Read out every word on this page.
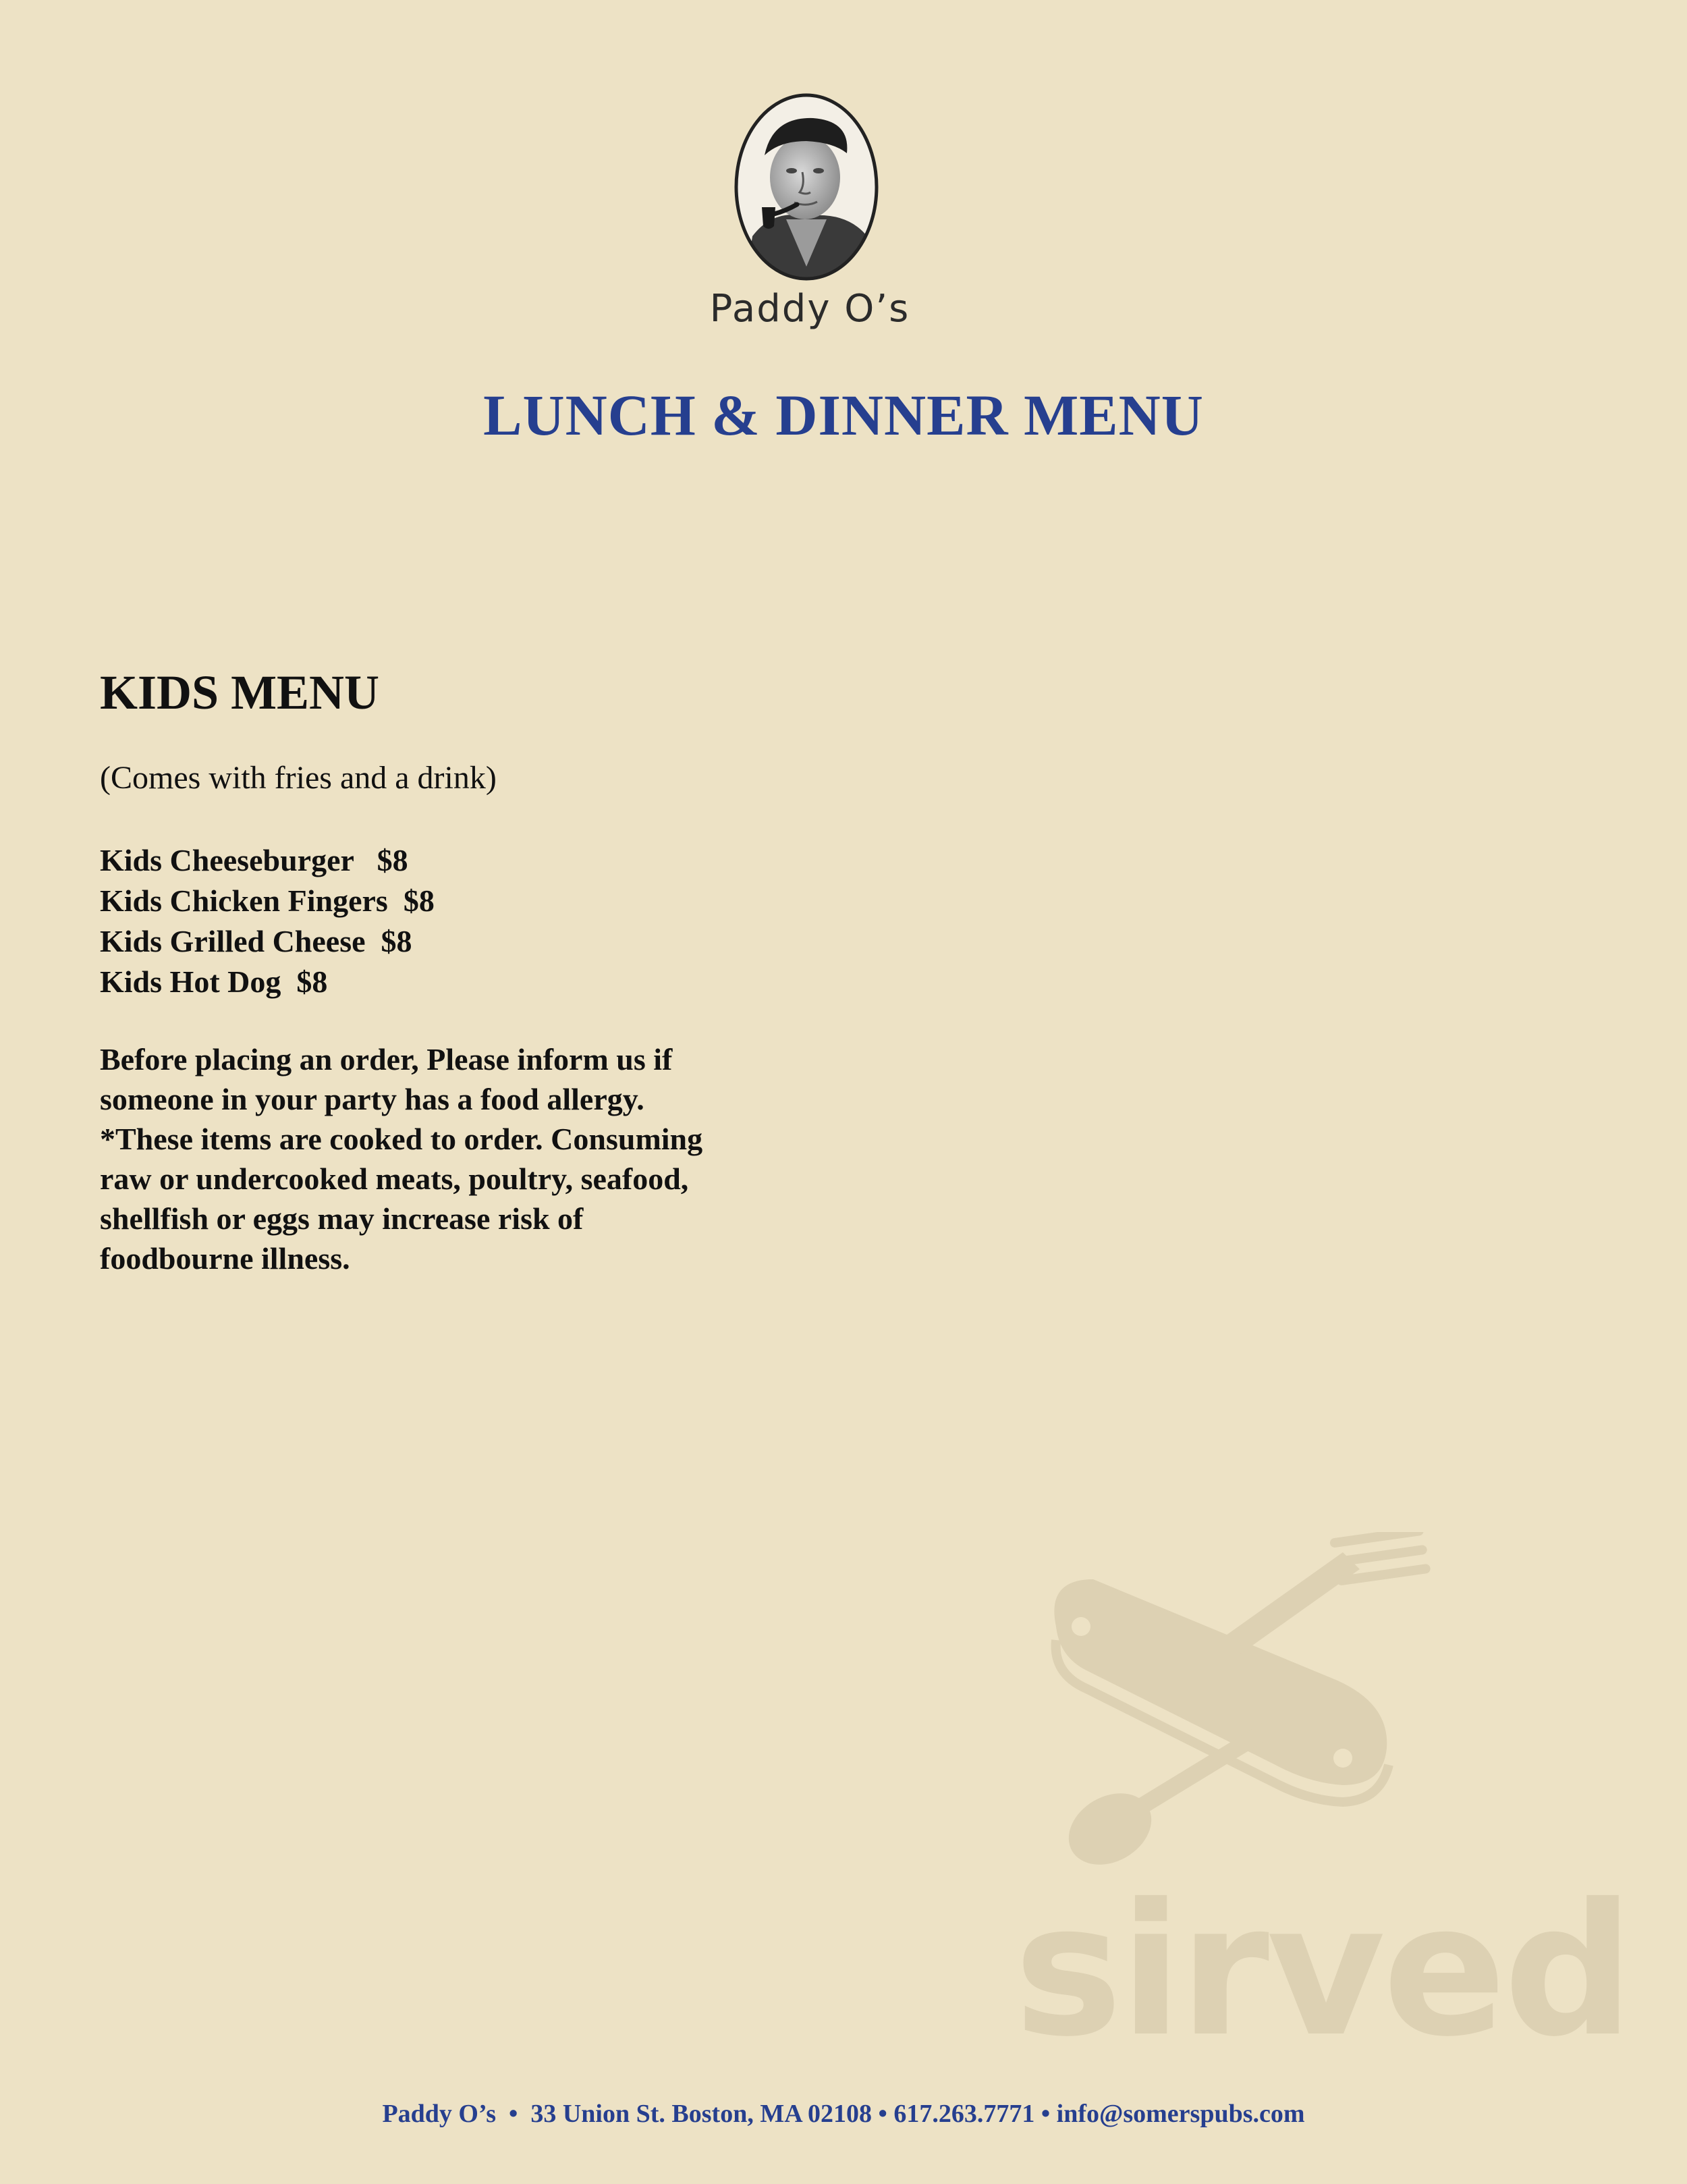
Paddy O’s
LUNCH & DINNER MENU
KIDS MENU
(Comes with fries and a drink)
Kids Cheeseburger $8
Kids Chicken Fingers $8
Kids Grilled Cheese $8
Kids Hot Dog $8
Before placing an order, Please inform us if
someone in your party has a food allergy.
*These items are cooked to order. Consuming
raw or undercooked meats, poultry, seafood,
shellfish or eggs may increase risk of
foodbourne illness.
sirved
Paddy O’s  •  33 Union St. Boston, MA 02108 • 617.263.7771 • info@somerspubs.com
